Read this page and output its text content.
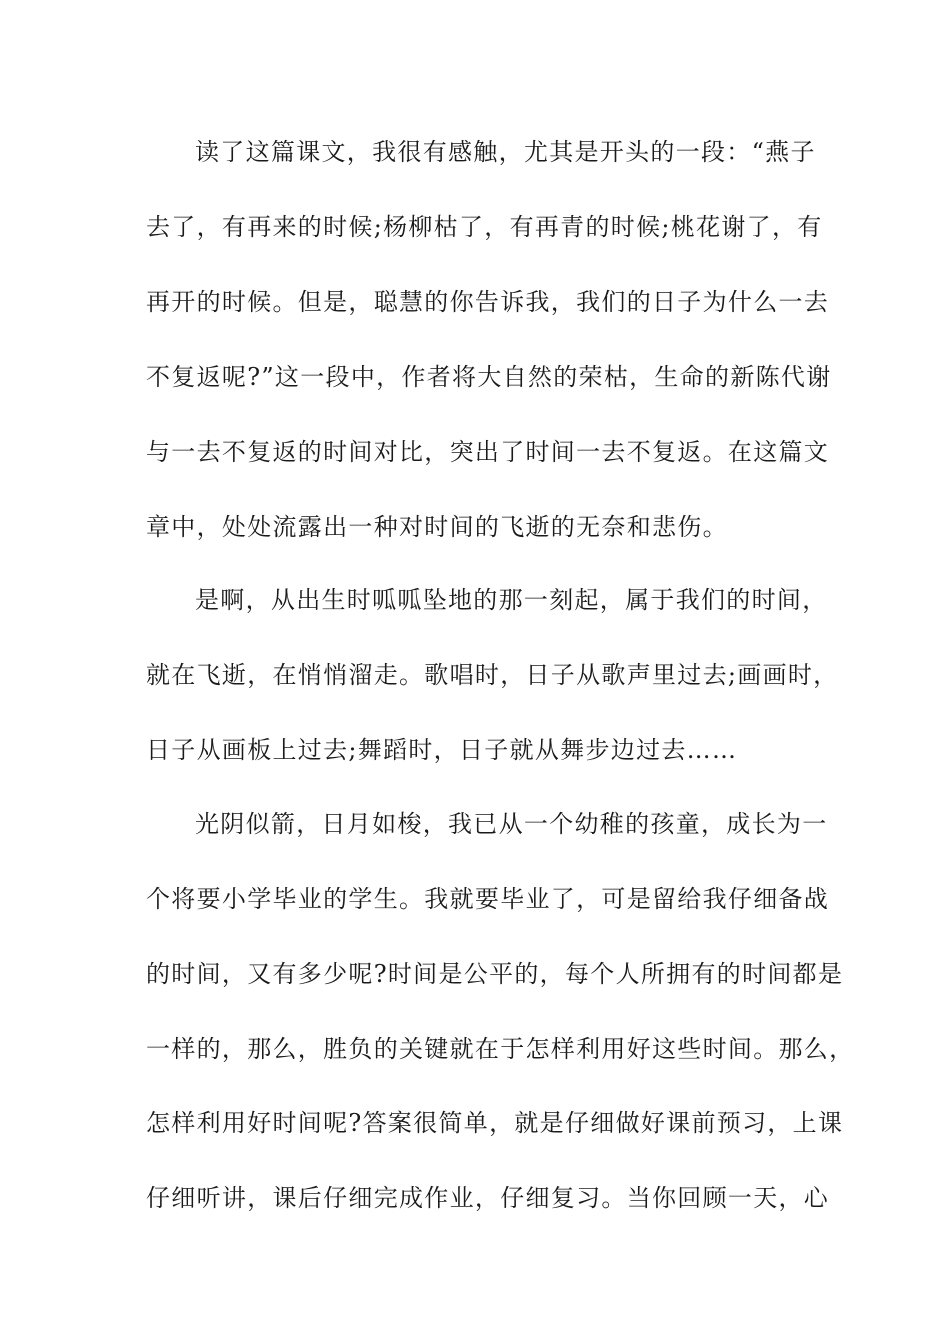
读了这篇课文，我很有感触，尤其是开头的一段：“燕子
去了，有再来的时候;杨柳枯了，有再青的时候;桃花谢了，有
再开的时候。但是，聪慧的你告诉我，我们的日子为什么一去
不复返呢?”这一段中，作者将大自然的荣枯，生命的新陈代谢
与一去不复返的时间对比，突出了时间一去不复返。在这篇文
章中，处处流露出一种对时间的飞逝的无奈和悲伤。
是啊，从出生时呱呱坠地的那一刻起，属于我们的时间，
就在飞逝，在悄悄溜走。歌唱时，日子从歌声里过去;画画时，
日子从画板上过去;舞蹈时，日子就从舞步边过去……
光阴似箭，日月如梭，我已从一个幼稚的孩童，成长为一
个将要小学毕业的学生。我就要毕业了，可是留给我仔细备战
的时间，又有多少呢?时间是公平的，每个人所拥有的时间都是
一样的，那么，胜负的关键就在于怎样利用好这些时间。那么，
怎样利用好时间呢?答案很简单，就是仔细做好课前预习，上课
仔细听讲，课后仔细完成作业，仔细复习。当你回顾一天，心
